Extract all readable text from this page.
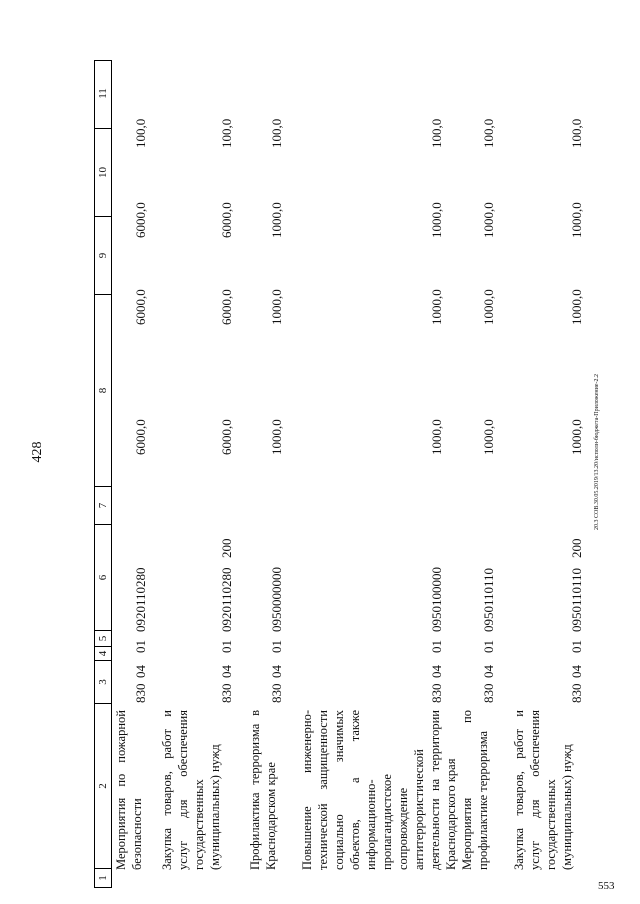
428	20.3 СОВ.30.05.2019/13.20/исполн-бюджета-Приложение-2.2
553
1
2
3
4
5
6
7
8
9
10
11
Мероприятия по пожарной безопасности
830
04
01
0920110280
6000,0
6000,0
6000,0
100,0
Закупка товаров, работ и услуг для обеспечения государственных (муниципальных) нужд
830
04
01
0920110280
200
6000,0
6000,0
6000,0
100,0
Профилактика терроризма в Краснодарском крае
830
04
01
0950000000
1000,0
1000,0
1000,0
100,0
Повышение инженерно-технической защищенности социально значимых объектов, а также информационно-пропагандистское сопровождение антитеррористической деятельности на территории Краснодарского края
830
04
01
0950100000
1000,0
1000,0
1000,0
100,0
Мероприятия по профилактике терроризма
830
04
01
0950110110
1000,0
1000,0
1000,0
100,0
Закупка товаров, работ и услуг для обеспечения государственных (муниципальных) нужд
830
04
01
0950110110
200
1000,0
1000,0
1000,0
100,0
